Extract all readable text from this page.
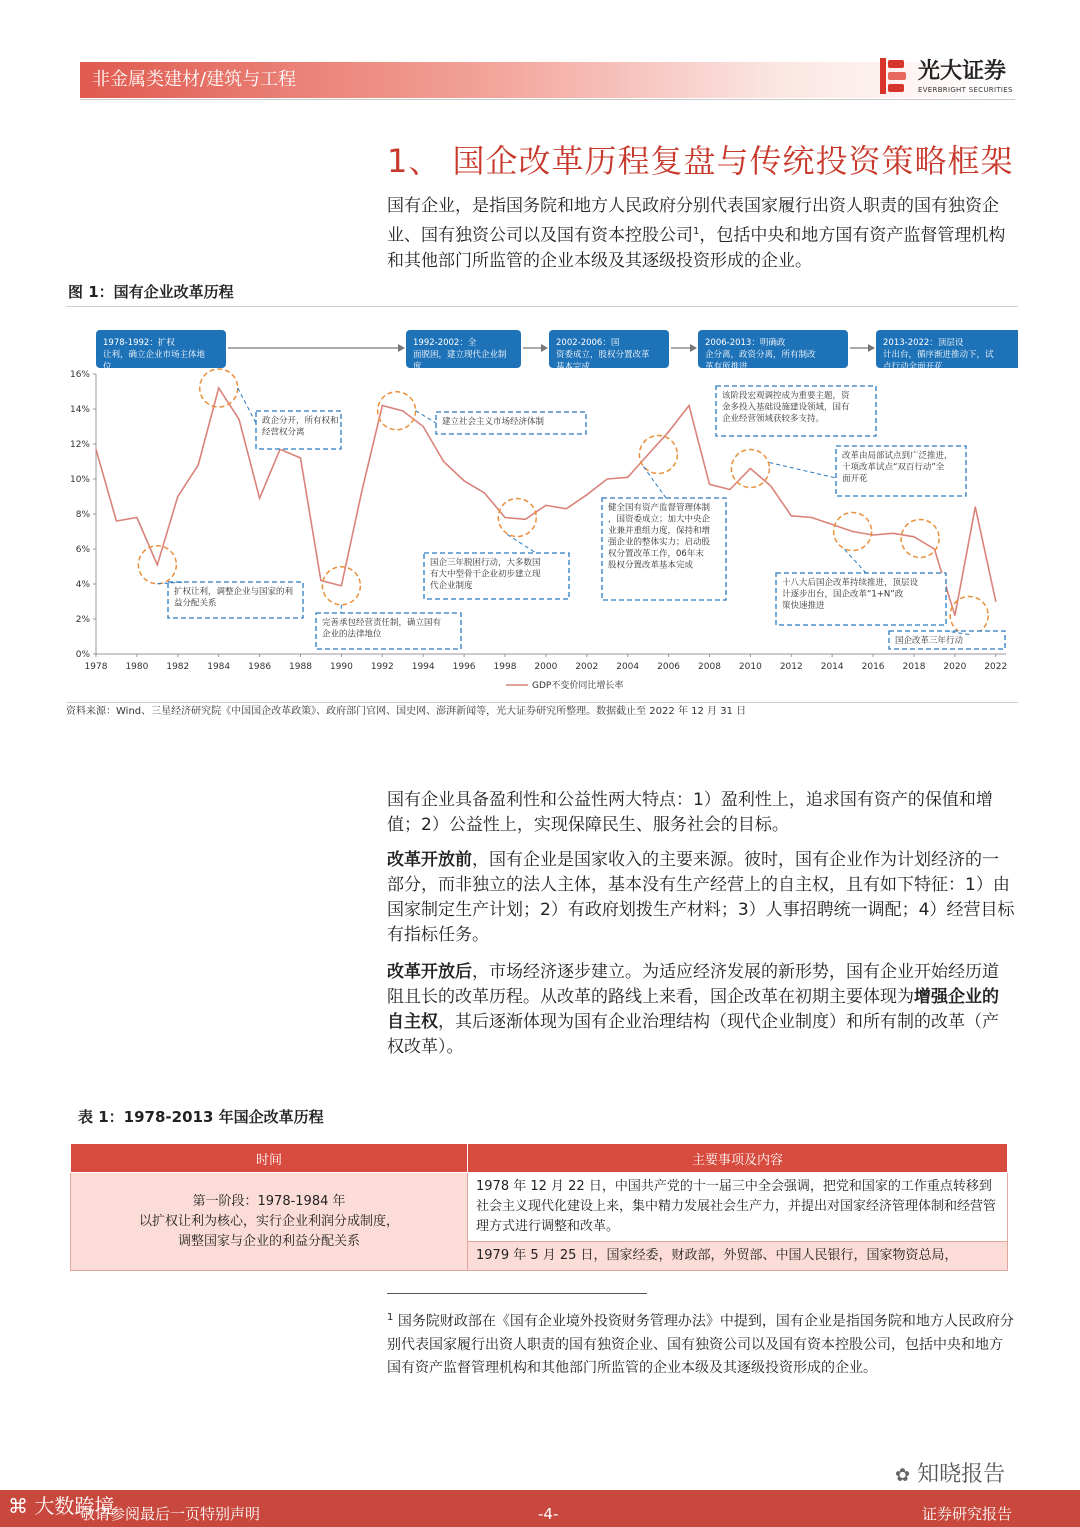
非金属类建材/建筑与工程	光大证券
EVERBRIGHT SECURITIES
1、 国企改革历程复盘与传统投资策略框架

国有企业，是指国务院和地方人民政府分别代表国家履行出资人职责的国有独资企业、国有独资公司以及国有资本控股公司$^1$，包括中央和地方国有资产监督管理机构和其他部门所监管的企业本级及其逐级投资形成的企业。

图 1：国有企业改革历程
1978-1992：扩权让利，确立企业市场主体地位
1992-2002：全面脱困，建立现代企业制度
2002-2006：国资委成立，股权分置改革基本完成
2006-2013：明确政企分离，政资分离，所有制改革有所推进
2013-2022：顶层设计出台，循序渐进推动下，试点行动全面开花
0%
2%
4%
6%
8%
10%
12%
14%
16%
1978 1980 1982 1984 1986 1988 1990 1992 1994 1996 1998 2000 2002 2004 2006 2008 2010 2012 2014 2016 2018 2020 2022
扩权让利，调整企业与国家的利益分配关系
政企分开，所有权和经营权分离
完善承包经营责任制，确立国有企业的法律地位
建立社会主义市场经济体制
国企三年脱困行动，大多数国有大中型骨干企业初步建立现代企业制度
健全国有资产监督管理体制，国资委成立；加大中央企业兼并重组力度，保持和增强企业的整体实力；启动股权分置改革工作，06年末股权分置改革基本完成
该阶段宏观调控成为重要主题，资金多投入基础设施建设领域，国有企业经营领域获较多支持。
改革由局部试点到广泛推进，十项改革试点“双百行动”全面开花
十八大后国企改革持续推进，顶层设计逐步出台，国企改革“1+N”政策快速推进
国企改革三年行动
GDP不变价同比增长率
资料来源：Wind、三星经济研究院《中国国企改革政策》、政府部门官网、国史网、澎湃新闻等，光大证券研究所整理。数据截止至 2022 年 12 月 31 日

国有企业具备盈利性和公益性两大特点：1）盈利性上，追求国有资产的保值和增值；2）公益性上，实现保障民生、服务社会的目标。

改革开放前，国有企业是国家收入的主要来源。彼时，国有企业作为计划经济的一部分，而非独立的法人主体，基本没有生产经营上的自主权，且有如下特征：1）由国家制定生产计划；2）有政府划拨生产材料；3）人事招聘统一调配；4）经营目标有指标任务。

改革开放后，市场经济逐步建立。为适应经济发展的新形势，国有企业开始经历道阻且长的改革历程。从改革的路线上来看，国企改革在初期主要体现为增强企业的自主权，其后逐渐体现为国有企业治理结构（现代企业制度）和所有制的改革（产权改革）。

表 1：1978-2013 年国企改革历程
时间	主要事项及内容

第一阶段：1978-1984 年
以扩权让利为核心，实行企业利润分成制度，
调整国家与企业的利益分配关系	1978 年 12 月 22 日，中国共产党的十一届三中全会强调，把党和国家的工作重点转移到社会主义现代化建设上来，集中精力发展社会生产力，并提出对国家经济管理体制和经营管理方式进行调整和改革。
	1979 年 5 月 25 日，国家经委，财政部，外贸部、中国人民银行，国家物资总局，
$^1$ 国务院财政部在《国有企业境外投资财务管理办法》中提到，国有企业是指国务院和地方人民政府分别代表国家履行出资人职责的国有独资企业、国有独资公司以及国有资本控股公司，包括中央和地方国有资产监督管理机构和其他部门所监管的企业本级及其逐级投资形成的企业。
✿ 知晓报告
⌘ 大数跨境
敬请参阅最后一页特别声明	-4-	证券研究报告
